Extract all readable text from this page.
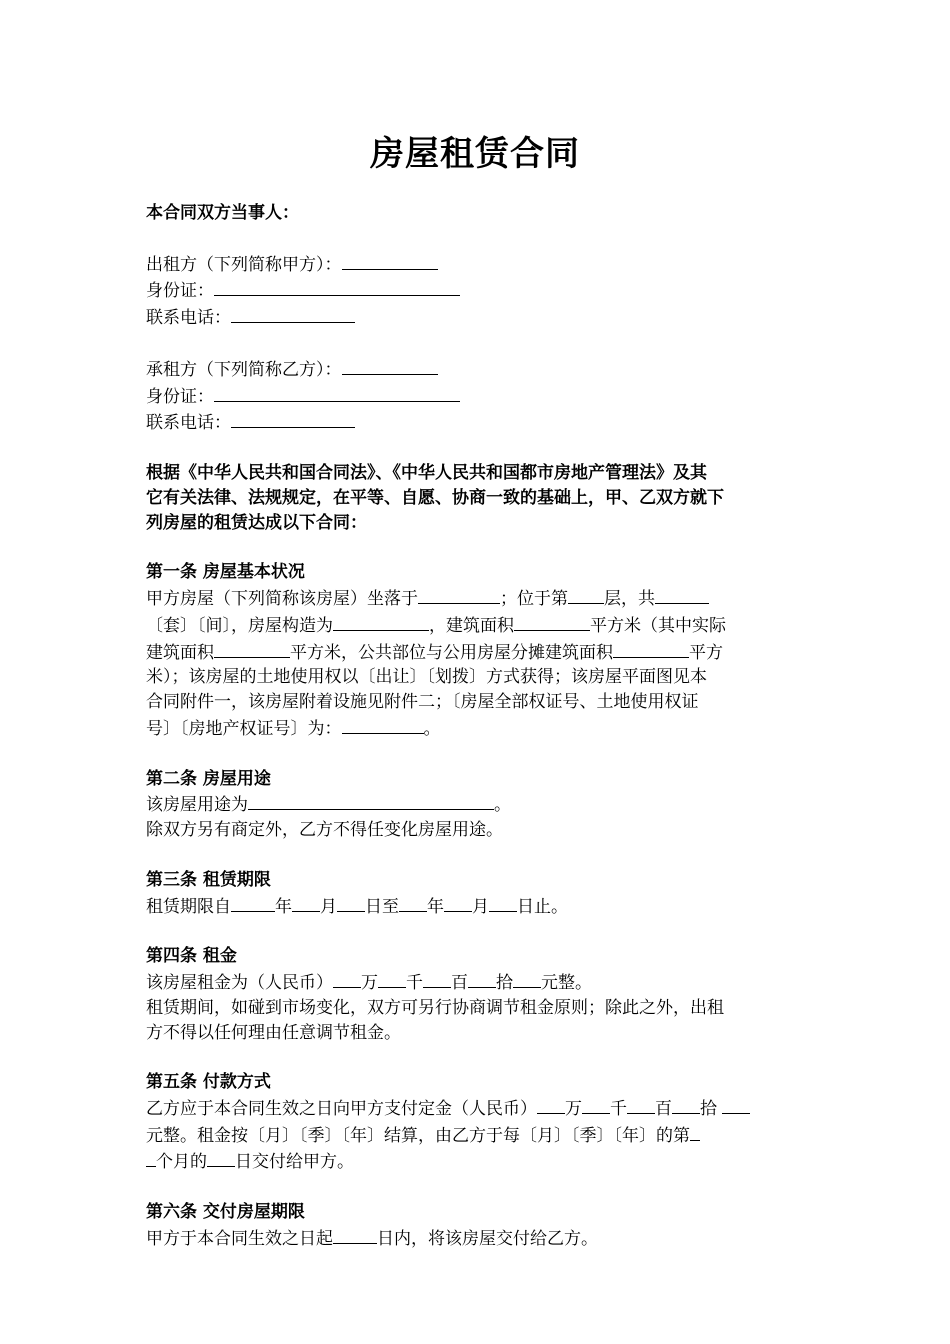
房屋租赁合同
本合同双方当事人：
出租方（下列简称甲方）：
身份证：
联系电话：
承租方（下列简称乙方）：
身份证：
联系电话：
根据《中华人民共和国合同法》、《中华人民共和国都市房地产管理法》及其
它有关法律、法规规定，在平等、自愿、协商一致的基础上，甲、乙双方就下
列房屋的租赁达成以下合同：
第一条 房屋基本状况
甲方房屋（下列简称该房屋）坐落于	；位于第 层，共
〔套〕〔间〕，房屋构造为	，建筑面积	平方米（其中实际
建筑面积	平方米，公共部位与公用房屋分摊建筑面积	平方
米）；该房屋的土地使用权以〔出让〕〔划拨〕方式获得；该房屋平面图见本
合同附件一，该房屋附着设施见附件二；〔房屋全部权证号、土地使用权证
号〕〔房地产权证号〕为：	。
第二条 房屋用途
该房屋用途为	。
除双方另有商定外，乙方不得任变化房屋用途。
第三条 租赁期限
租赁期限自	年 月 日至 年 月 日止。
第四条 租金
该房屋租金为（人民币） 万 千 百 拾 元整。
租赁期间，如碰到市场变化，双方可另行协商调节租金原则；除此之外，出租
方不得以任何理由任意调节租金。
第五条 付款方式
乙方应于本合同生效之日向甲方支付定金（人民币） 万 千 百 拾
元整。租金按〔月〕〔季〕〔年〕结算，由乙方于每〔月〕〔季〕〔年〕的第
个月的 日交付给甲方。
第六条 交付房屋期限
甲方于本合同生效之日起	日内，将该房屋交付给乙方。
